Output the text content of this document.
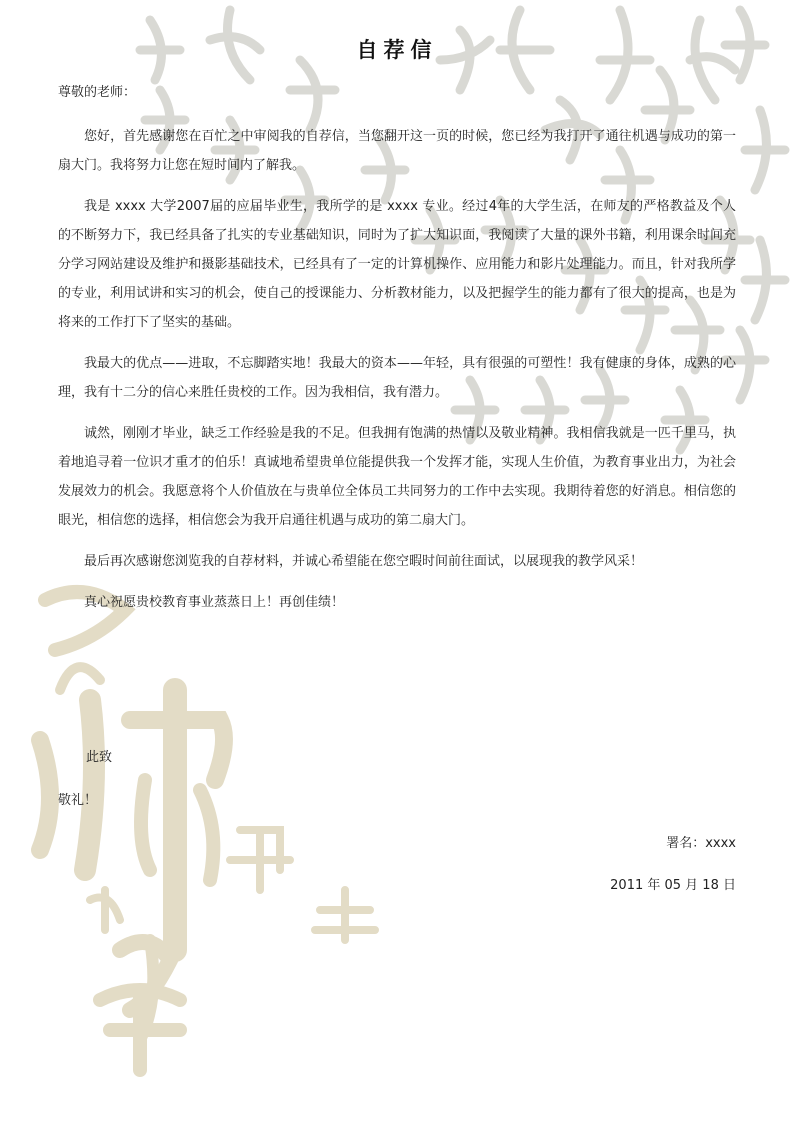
自荐信

尊敬的老师：

您好，首先感谢您在百忙之中审阅我的自荐信，当您翻开这一页的时候，您已经为我打开了通往机遇与成功的第一扇大门。我将努力让您在短时间内了解我。

我是 xxxx 大学2007届的应届毕业生，我所学的是 xxxx 专业。经过4年的大学生活，在师友的严格教益及个人的不断努力下，我已经具备了扎实的专业基础知识，同时为了扩大知识面，我阅读了大量的课外书籍，利用课余时间充分学习网站建设及维护和摄影基础技术，已经具有了一定的计算机操作、应用能力和影片处理能力。而且，针对我所学的专业，利用试讲和实习的机会，使自己的授课能力、分析教材能力，以及把握学生的能力都有了很大的提高，也是为将来的工作打下了坚实的基础。

我最大的优点——进取，不忘脚踏实地！我最大的资本——年轻，具有很强的可塑性！我有健康的身体，成熟的心理，我有十二分的信心来胜任贵校的工作。因为我相信，我有潜力。

诚然，刚刚才毕业，缺乏工作经验是我的不足。但我拥有饱满的热情以及敬业精神。我相信我就是一匹千里马，执着地追寻着一位识才重才的伯乐！真诚地希望贵单位能提供我一个发挥才能，实现人生价值，为教育事业出力，为社会发展效力的机会。我愿意将个人价值放在与贵单位全体员工共同努力的工作中去实现。我期待着您的好消息。相信您的眼光，相信您的选择，相信您会为我开启通往机遇与成功的第二扇大门。

最后再次感谢您浏览我的自荐材料，并诚心希望能在您空暇时间前往面试，以展现我的教学风采！

真心祝愿贵校教育事业蒸蒸日上！再创佳绩！

此致

敬礼！

署名：xxxx

2011 年 05 月 18 日
